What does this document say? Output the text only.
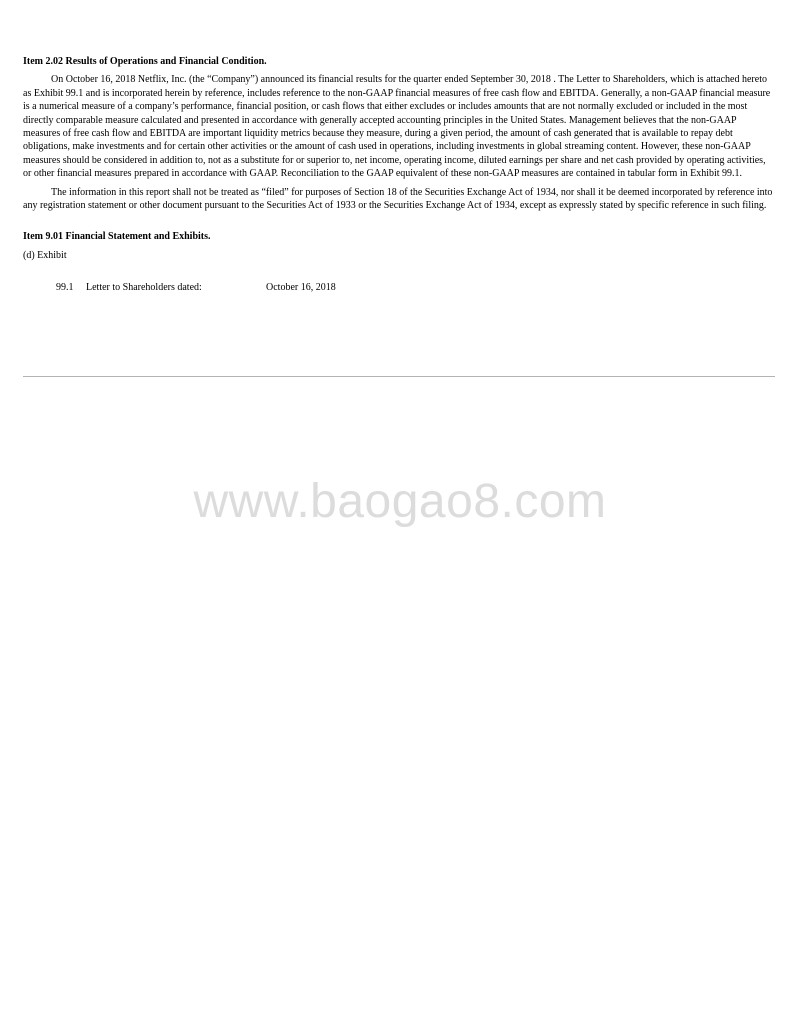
Item 2.02 Results of Operations and Financial Condition.

On October 16, 2018 Netflix, Inc. (the “Company”) announced its financial results for the quarter ended September 30, 2018 . The Letter to Shareholders, which is attached hereto as Exhibit 99.1 and is incorporated herein by reference, includes reference to the non-GAAP financial measures of free cash flow and EBITDA. Generally, a non-GAAP financial measure is a numerical measure of a company’s performance, financial position, or cash flows that either excludes or includes amounts that are not normally excluded or included in the most directly comparable measure calculated and presented in accordance with generally accepted accounting principles in the United States. Management believes that the non-GAAP measures of free cash flow and EBITDA are important liquidity metrics because they measure, during a given period, the amount of cash generated that is available to repay debt obligations, make investments and for certain other activities or the amount of cash used in operations, including investments in global streaming content. However, these non-GAAP measures should be considered in addition to, not as a substitute for or superior to, net income, operating income, diluted earnings per share and net cash provided by operating activities, or other financial measures prepared in accordance with GAAP. Reconciliation to the GAAP equivalent of these non-GAAP measures are contained in tabular form in Exhibit 99.1.

The information in this report shall not be treated as “filed” for purposes of Section 18 of the Securities Exchange Act of 1934, nor shall it be deemed incorporated by reference into any registration statement or other document pursuant to the Securities Act of 1933 or the Securities Exchange Act of 1934, except as expressly stated by specific reference in such filing.

Item 9.01 Financial Statement and Exhibits.

(d) Exhibit
99.1	Letter to Shareholders dated:	October 16, 2018
www.baogao8.com
